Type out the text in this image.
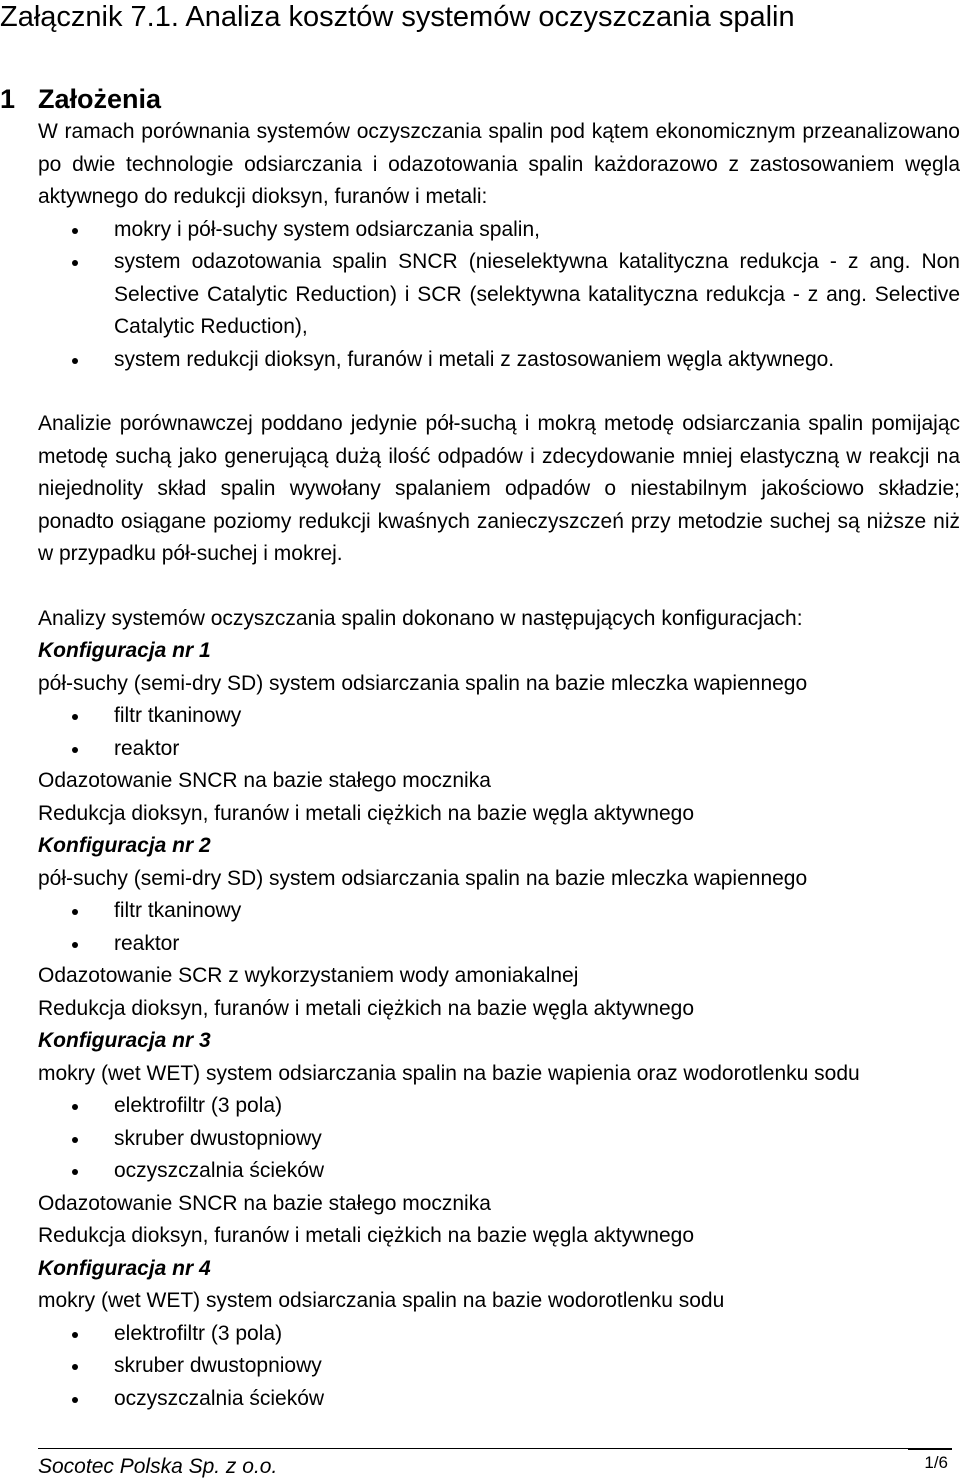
Załącznik 7.1. Analiza kosztów systemów oczyszczania spalin
1 Założenia

W ramach porównania systemów oczyszczania spalin pod kątem ekonomicznym przeanalizowano po dwie technologie odsiarczania i odazotowania spalin każdorazowo z zastosowaniem węgla aktywnego do redukcji dioksyn, furanów i metali:

mokry i pół-suchy system odsiarczania spalin,
system odazotowania spalin SNCR (nieselektywna katalityczna redukcja - z ang. Non Selective Catalytic Reduction) i SCR (selektywna katalityczna redukcja - z ang. Selective Catalytic Reduction),
system redukcji dioksyn, furanów i metali z zastosowaniem węgla aktywnego.

Analizie porównawczej poddano jedynie pół-suchą i mokrą metodę odsiarczania spalin pomijając metodę suchą jako generującą dużą ilość odpadów i zdecydowanie mniej elastyczną w reakcji na niejednolity skład spalin wywołany spalaniem odpadów o niestabilnym jakościowo składzie; ponadto osiągane poziomy redukcji kwaśnych zanieczyszczeń przy metodzie suchej są niższe niż w przypadku pół-suchej i mokrej.

Analizy systemów oczyszczania spalin dokonano w następujących konfiguracjach:

Konfiguracja nr 1
pół-suchy (semi-dry SD) system odsiarczania spalin na bazie mleczka wapiennego
filtr tkaninowy
reaktor
Odazotowanie SNCR na bazie stałego mocznika
Redukcja dioksyn, furanów i metali ciężkich na bazie węgla aktywnego
Konfiguracja nr 2
pół-suchy (semi-dry SD) system odsiarczania spalin na bazie mleczka wapiennego
filtr tkaninowy
reaktor
Odazotowanie SCR z wykorzystaniem wody amoniakalnej
Redukcja dioksyn, furanów i metali ciężkich na bazie węgla aktywnego
Konfiguracja nr 3
mokry (wet WET) system odsiarczania spalin na bazie wapienia oraz wodorotlenku sodu
elektrofiltr (3 pola)
skruber dwustopniowy
oczyszczalnia ścieków
Odazotowanie SNCR na bazie stałego mocznika
Redukcja dioksyn, furanów i metali ciężkich na bazie węgla aktywnego
Konfiguracja nr 4
mokry (wet WET) system odsiarczania spalin na bazie wodorotlenku sodu
elektrofiltr (3 pola)
skruber dwustopniowy
oczyszczalnia ścieków
Socotec Polska Sp. z o.o.	1/6
